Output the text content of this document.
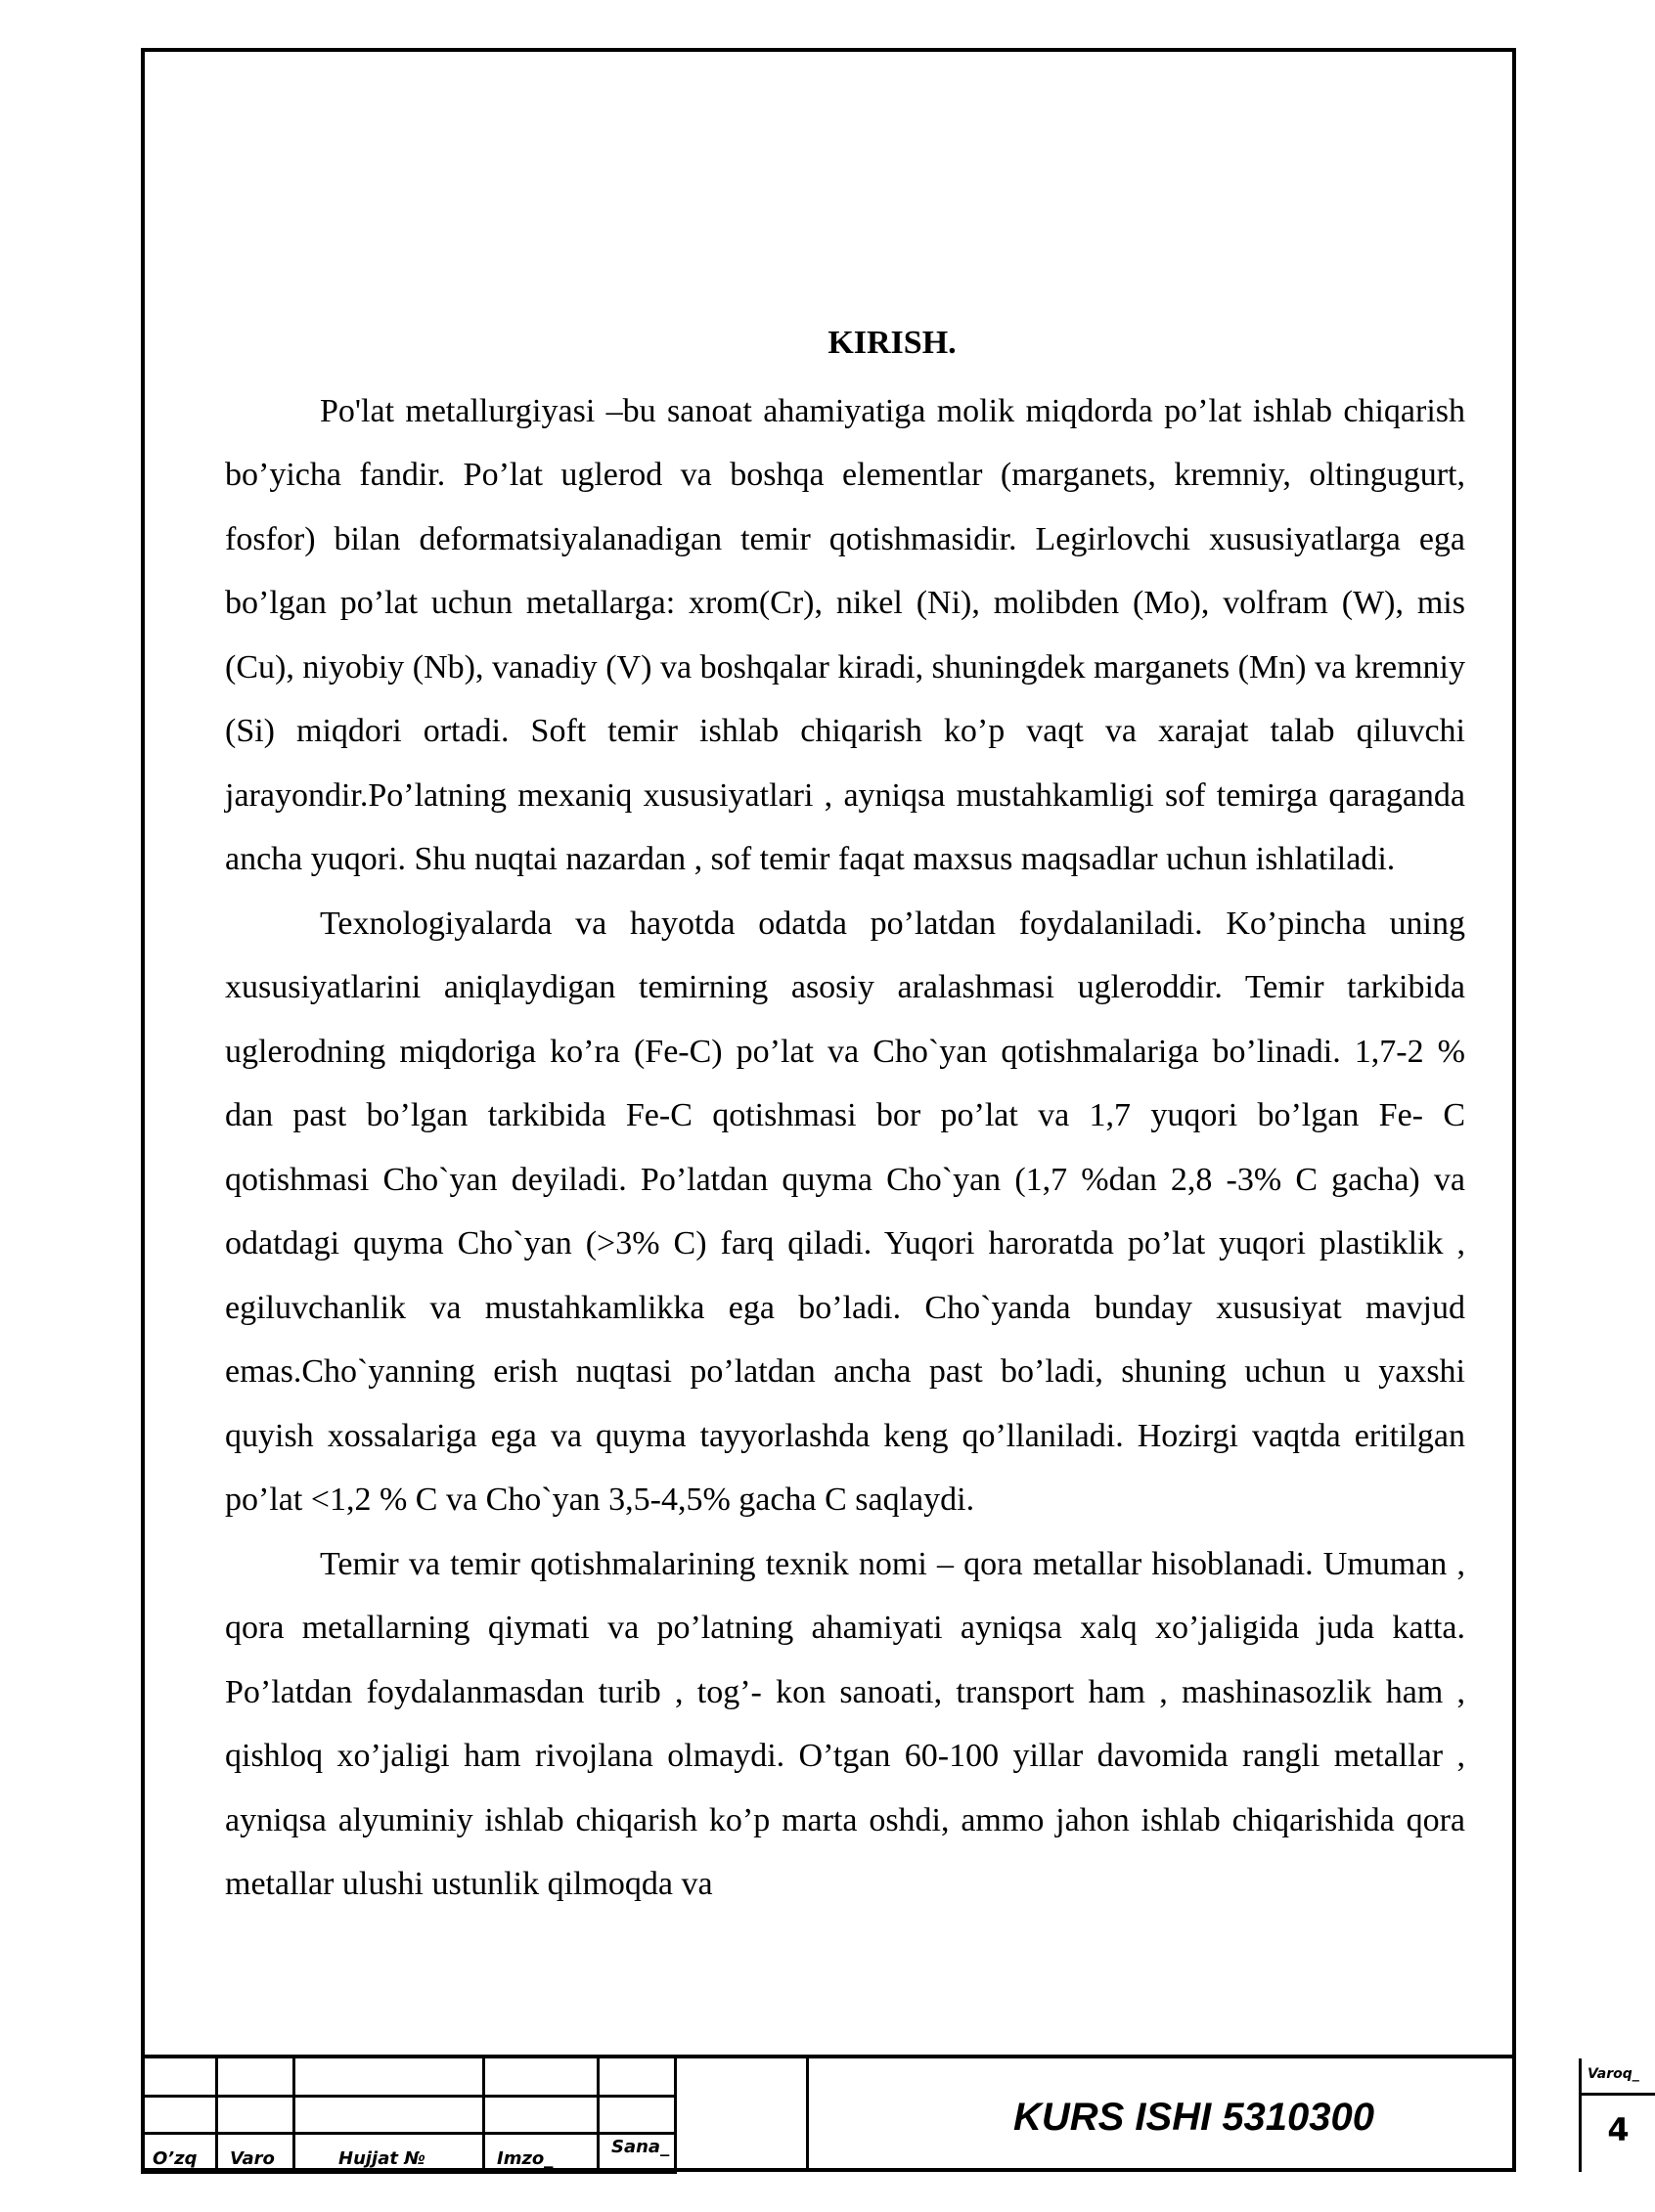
KIRISH.

Po'lat metallurgiyasi –bu sanoat ahamiyatiga molik miqdorda po’lat ishlab chiqarish bo’yicha fandir. Po’lat uglerod va boshqa elementlar (marganets, kremniy, oltingugurt, fosfor) bilan deformatsiyalanadigan temir qotishmasidir. Legirlovchi xususiyatlarga ega bo’lgan po’lat uchun metallarga: xrom(Cr), nikel (Ni), molibden (Mo), volfram (W), mis (Cu), niyobiy (Nb), vanadiy (V) va boshqalar kiradi, shuningdek marganets (Mn) va kremniy (Si) miqdori ortadi. Soft temir ishlab chiqarish ko’p vaqt va xarajat talab qiluvchi jarayondir.Po’latning mexaniq xususiyatlari , ayniqsa mustahkamligi sof temirga qaraganda ancha yuqori. Shu nuqtai nazardan , sof temir faqat maxsus maqsadlar uchun ishlatiladi.

Texnologiyalarda va hayotda odatda po’latdan foydalaniladi. Ko’pincha uning xususiyatlarini aniqlaydigan temirning asosiy aralashmasi ugleroddir. Temir tarkibida uglerodning miqdoriga ko’ra (Fe-C) po’lat va Cho`yan qotishmalariga bo’linadi. 1,7-2 % dan past bo’lgan tarkibida Fe-C qotishmasi bor po’lat va 1,7 yuqori bo’lgan Fe- C qotishmasi Cho`yan deyiladi. Po’latdan quyma Cho`yan (1,7 %dan 2,8 -3% C gacha) va odatdagi quyma Cho`yan (>3% C) farq qiladi. Yuqori haroratda po’lat yuqori plastiklik , egiluvchanlik va mustahkamlikka ega bo’ladi. Cho`yanda bunday xususiyat mavjud emas.Cho`yanning erish nuqtasi po’latdan ancha past bo’ladi, shuning uchun u yaxshi quyish xossalariga ega va quyma tayyorlashda keng qo’llaniladi. Hozirgi vaqtda eritilgan po’lat <1,2 % C va Cho`yan 3,5-4,5% gacha C saqlaydi.

Temir va temir qotishmalarining texnik nomi – qora metallar hisoblanadi. Umuman , qora metallarning qiymati va po’latning ahamiyati ayniqsa xalq xo’jaligida juda katta. Po’latdan foydalanmasdan turib , tog’- kon sanoati, transport ham , mashinasozlik ham , qishloq xo’jaligi ham rivojlana olmaydi. O’tgan 60-100 yillar davomida rangli metallar , ayniqsa alyuminiy ishlab chiqarish ko’p marta oshdi, ammo jahon ishlab chiqarishida qora metallar ulushi ustunlik qilmoqda va

O’zq	Varo	Hujjat №	Imzo_	Sana_
KURS ISHI 5310300
Varoq_
4
